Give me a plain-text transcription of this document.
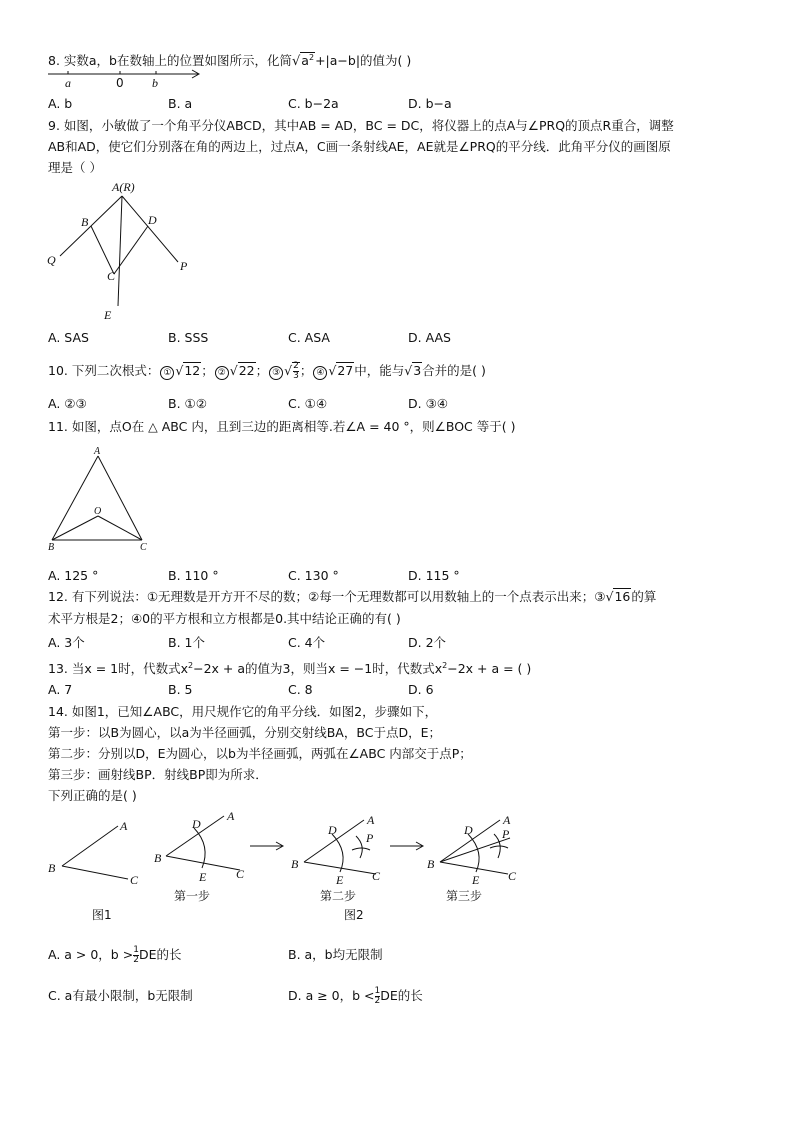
8. 实数a，b在数轴上的位置如图所示，化简$√a^2+|a-b|$的值为( )
a	0 b
A. b	B. a	C. b−2a	D. b−a
9. 如图，小敏做了一个角平分仪ABCD，其中AB = AD，BC = DC，将仪器上的点A与∠PRQ的顶点R重合，调整
AB和AD，使它们分别落在角的两边上，过点A，C画一条射线AE，AE就是∠PRQ的平分线．此角平分仪的画图原
理是（ ）
A(R)
B	D
Q
C
P
E
A. SAS	B. SSS	C. ASA	D. AAS
10. 下列二次根式： ① √12； ② √22； ③ √ $\frac{2}{3}$ ； ④ √27中，能与√3合并的是( )
A. ②③	B. ①②	C. ①④	D. ③④
11. 如图，点O在 △ ABC 内，且到三边的距离相等.若∠A = 40 °，则∠BOC 等于( )
A
O
B	C
A. 125 °	B. 110 °	C. 130 °	D. 115 °
12. 有下列说法：①无理数是开方开不尽的数；②每一个无理数都可以用数轴上的一个点表示出来；③√16的算
术平方根是2；④0的平方根和立方根都是0.其中结论正确的有( )
A. 3个	B. 1个	C. 4个	D. 2个
13. 当x = 1时，代数式$x^2-2x + a$的值为3，则当x = −1时，代数式$x^2-2x + a$ = ( )
A. 7	B. 5	C. 8	D. 6
14. 如图1，已知∠ABC，用尺规作它的角平分线．如图2，步骤如下，
第一步：以B为圆心，以a为半径画弧，分别交射线BA，BC于点D，E；
第二步：分别以D，E为圆心，以b为半径画弧，两弧在∠ABC 内部交于点P；
第三步：画射线BP．射线BP即为所求．
下列正确的是( )
A
B
C
图1
A
D
B
E C
第一步
A
D
P
B
E C
第二步
图2
A
D P
B
E C
第三步
A. a > 0，$b > \frac{1}{2}$ DE的长	B. a，b均无限制
C. a有最小限制，b无限制	D. a ≥ 0，$b < \frac{1}{2}$ DE的长
